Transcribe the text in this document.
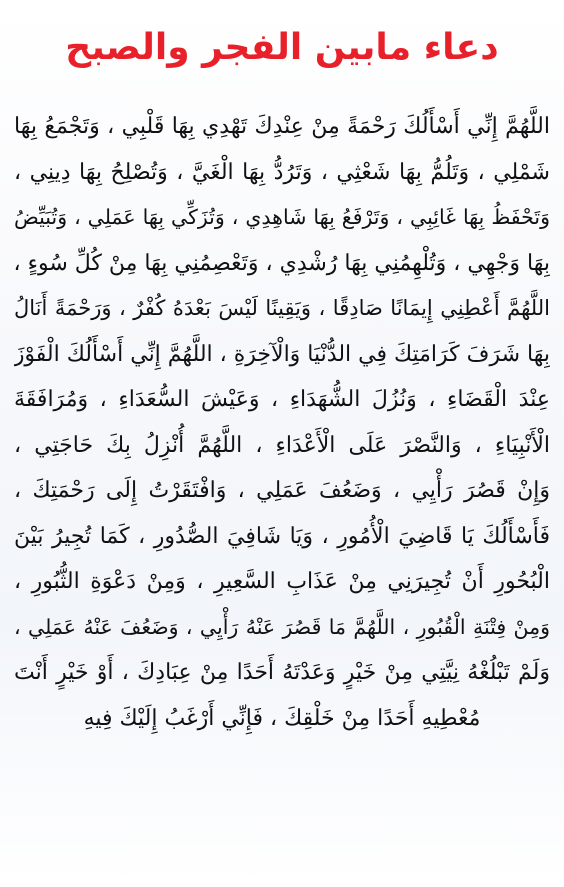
دعاء مابين الفجر والصبح
اللَّهُمَّ إِنِّي أَسْأَلُكَ رَحْمَةً مِنْ عِنْدِكَ تَهْدِي بِهَا قَلْبِي ، وَتَجْمَعُ بِهَا
شَمْلِي ، وَتَلُمُّ بِهَا شَعْثِي ، وَتَرُدُّ بِهَا الْغَيَّ ، وَتُصْلِحُ بِهَا دِينِي ،
وَتَحْفَظُ بِهَا غَائِبِي ، وَتَرْفَعُ بِهَا شَاهِدِي ، وَتُزَكِّي بِهَا عَمَلِي ، وَتُبَيِّضُ
بِهَا وَجْهِي ، وَتُلْهِمُنِي بِهَا رُشْدِي ، وَتَعْصِمُنِي بِهَا مِنْ كُلِّ سُوءٍ ،
اللَّهُمَّ أَعْطِنِي إِيمَانًا صَادِقًا ، وَيَقِينًا لَيْسَ بَعْدَهُ كُفْرٌ ، وَرَحْمَةً أَنَالُ
بِهَا شَرَفَ كَرَامَتِكَ فِي الدُّنْيَا وَالْآخِرَةِ ، اللَّهُمَّ إِنِّي أَسْأَلُكَ الْفَوْزَ
عِنْدَ الْقَضَاءِ ، وَنُزُلَ الشُّهَدَاءِ ، وَعَيْشَ السُّعَدَاءِ ، وَمُرَافَقَةَ
الْأَنْبِيَاءِ ، وَالنَّصْرَ عَلَى الْأَعْدَاءِ ، اللَّهُمَّ أُنْزِلُ بِكَ حَاجَتِي ،
وَإِنْ قَصُرَ رَأْيِي ، وَضَعُفَ عَمَلِي ، وَافْتَقَرْتُ إِلَى رَحْمَتِكَ ،
فَأَسْأَلُكَ يَا قَاضِيَ الْأُمُورِ ، وَيَا شَافِيَ الصُّدُورِ ، كَمَا تُجِيرُ بَيْنَ
الْبُحُورِ أَنْ تُجِيرَنِي مِنْ عَذَابِ السَّعِيرِ ، وَمِنْ دَعْوَةِ الثُّبُورِ ،
وَمِنْ فِتْنَةِ الْقُبُورِ ، اللَّهُمَّ مَا قَصُرَ عَنْهُ رَأْيِي ، وَضَعُفَ عَنْهُ عَمَلِي ،
وَلَمْ تَبْلُغْهُ نِيَّتِي مِنْ خَيْرٍ وَعَدْتَهُ أَحَدًا مِنْ عِبَادِكَ ، أَوْ خَيْرٍ أَنْتَ
مُعْطِيهِ أَحَدًا مِنْ خَلْقِكَ ، فَإِنِّي أَرْغَبُ إِلَيْكَ فِيهِ
